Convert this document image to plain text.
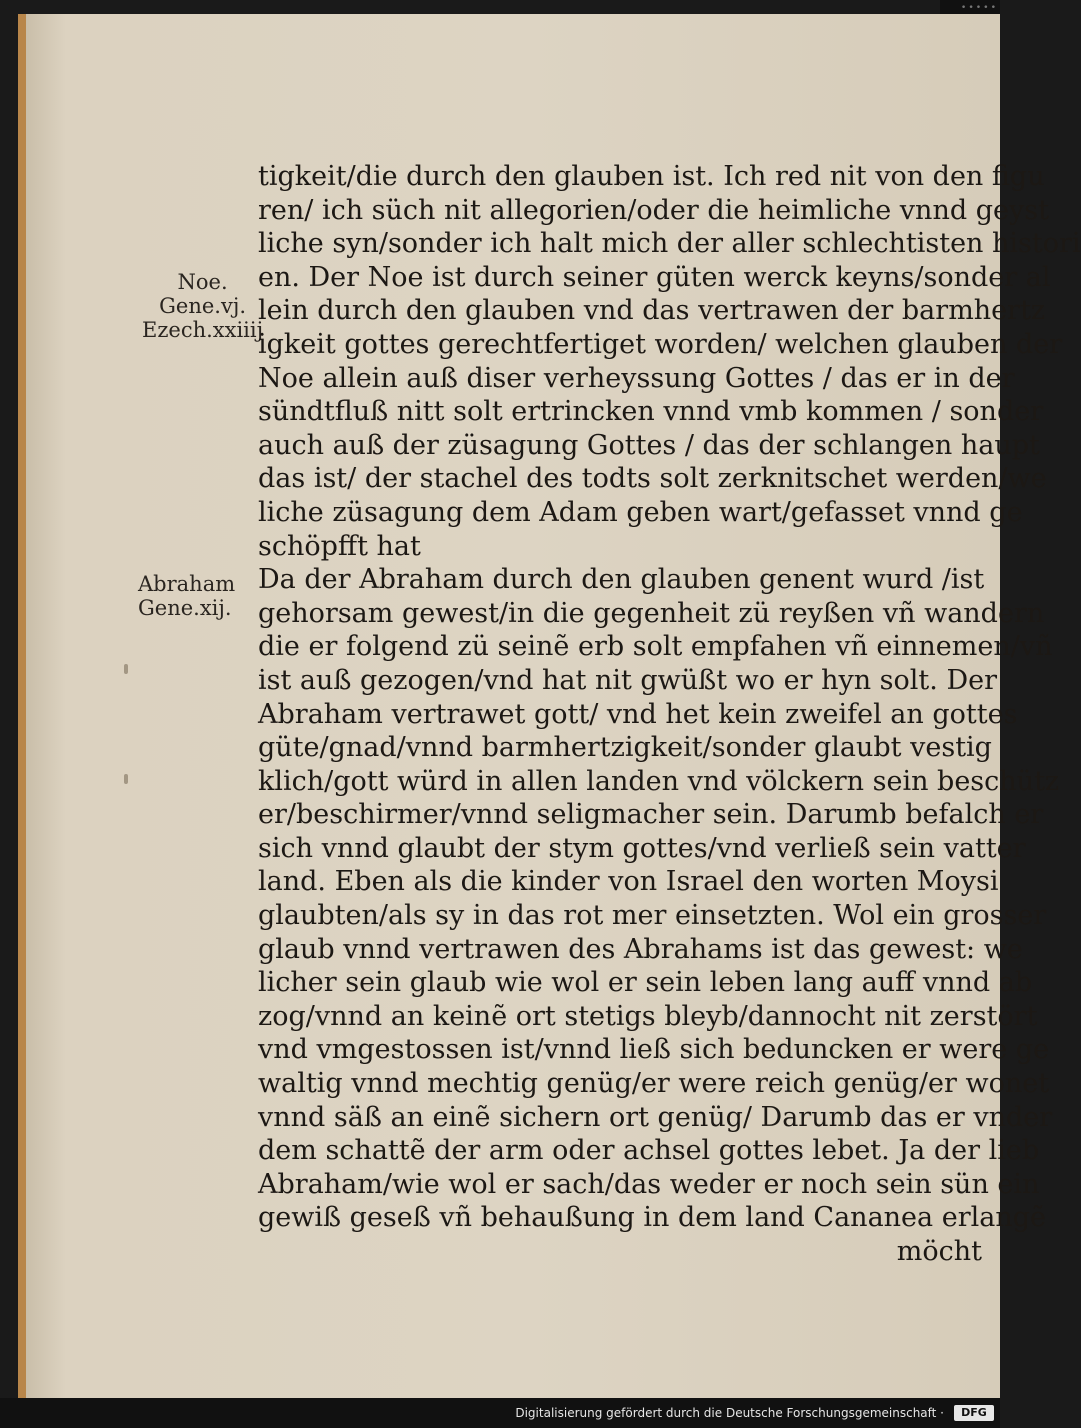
Noe.
Gene.vj.
Ezech.xxiiij
Abraham
Gene.xij.
tigkeit/die durch den glauben ist. Ich red nit von den figu
ren/ ich süch nit allegorien/oder die heimliche vnnd geyst
liche syn/sonder ich halt mich der aller schlechtisten histori
en. Der Noe ist durch seiner güten werck keyns/sonder al
lein durch den glauben vnd das vertrawen der barmhertz
igkeit gottes gerechtfertiget worden/ welchen glauben der
Noe allein auß diser verheyssung Gottes / das er in der
sündtfluß nitt solt ertrincken vnnd vmb kommen / sonder
auch auß der züsagung Gottes / das der schlangen haupt
das ist/ der stachel des todts solt zerknitschet werden/we
liche züsagung dem Adam geben wart/gefasset vnnd ge
schöpfft hat
Da der Abraham durch den glauben genent wurd /ist
gehorsam gewest/in die gegenheit zü reyßen vñ wandern
die er folgend zü seinẽ erb solt empfahen vñ einnemen/vñ
ist auß gezogen/vnd hat nit gwüßt wo er hyn solt. Der
Abraham vertrawet gott/ vnd het kein zweifel an gottes
güte/gnad/vnnd barmhertzigkeit/sonder glaubt vestig
klich/gott würd in allen landen vnd völckern sein beschütz
er/beschirmer/vnnd seligmacher sein. Darumb befalch er
sich vnnd glaubt der stym gottes/vnd verließ sein vatter
land. Eben als die kinder von Israel den worten Moysi
glaubten/als sy in das rot mer einsetzten. Wol ein grosser
glaub vnnd vertrawen des Abrahams ist das gewest: we
licher sein glaub wie wol er sein leben lang auff vnnd ab
zog/vnnd an keinẽ ort stetigs bleyb/dannocht nit zerstört
vnd vmgestossen ist/vnnd ließ sich beduncken er were ge
waltig vnnd mechtig genüg/er were reich genüg/er wonet
vnnd säß an einẽ sichern ort genüg/ Darumb das er vnder
dem schattẽ der arm oder achsel gottes lebet. Ja der lieb
Abraham/wie wol er sach/das weder er noch sein sün ein
gewiß geseß vñ behaußung in dem land Cananea erlangẽ
möcht
•••••
Digitalisierung gefördert durch die Deutsche Forschungsgemeinschaft ·	DFG
